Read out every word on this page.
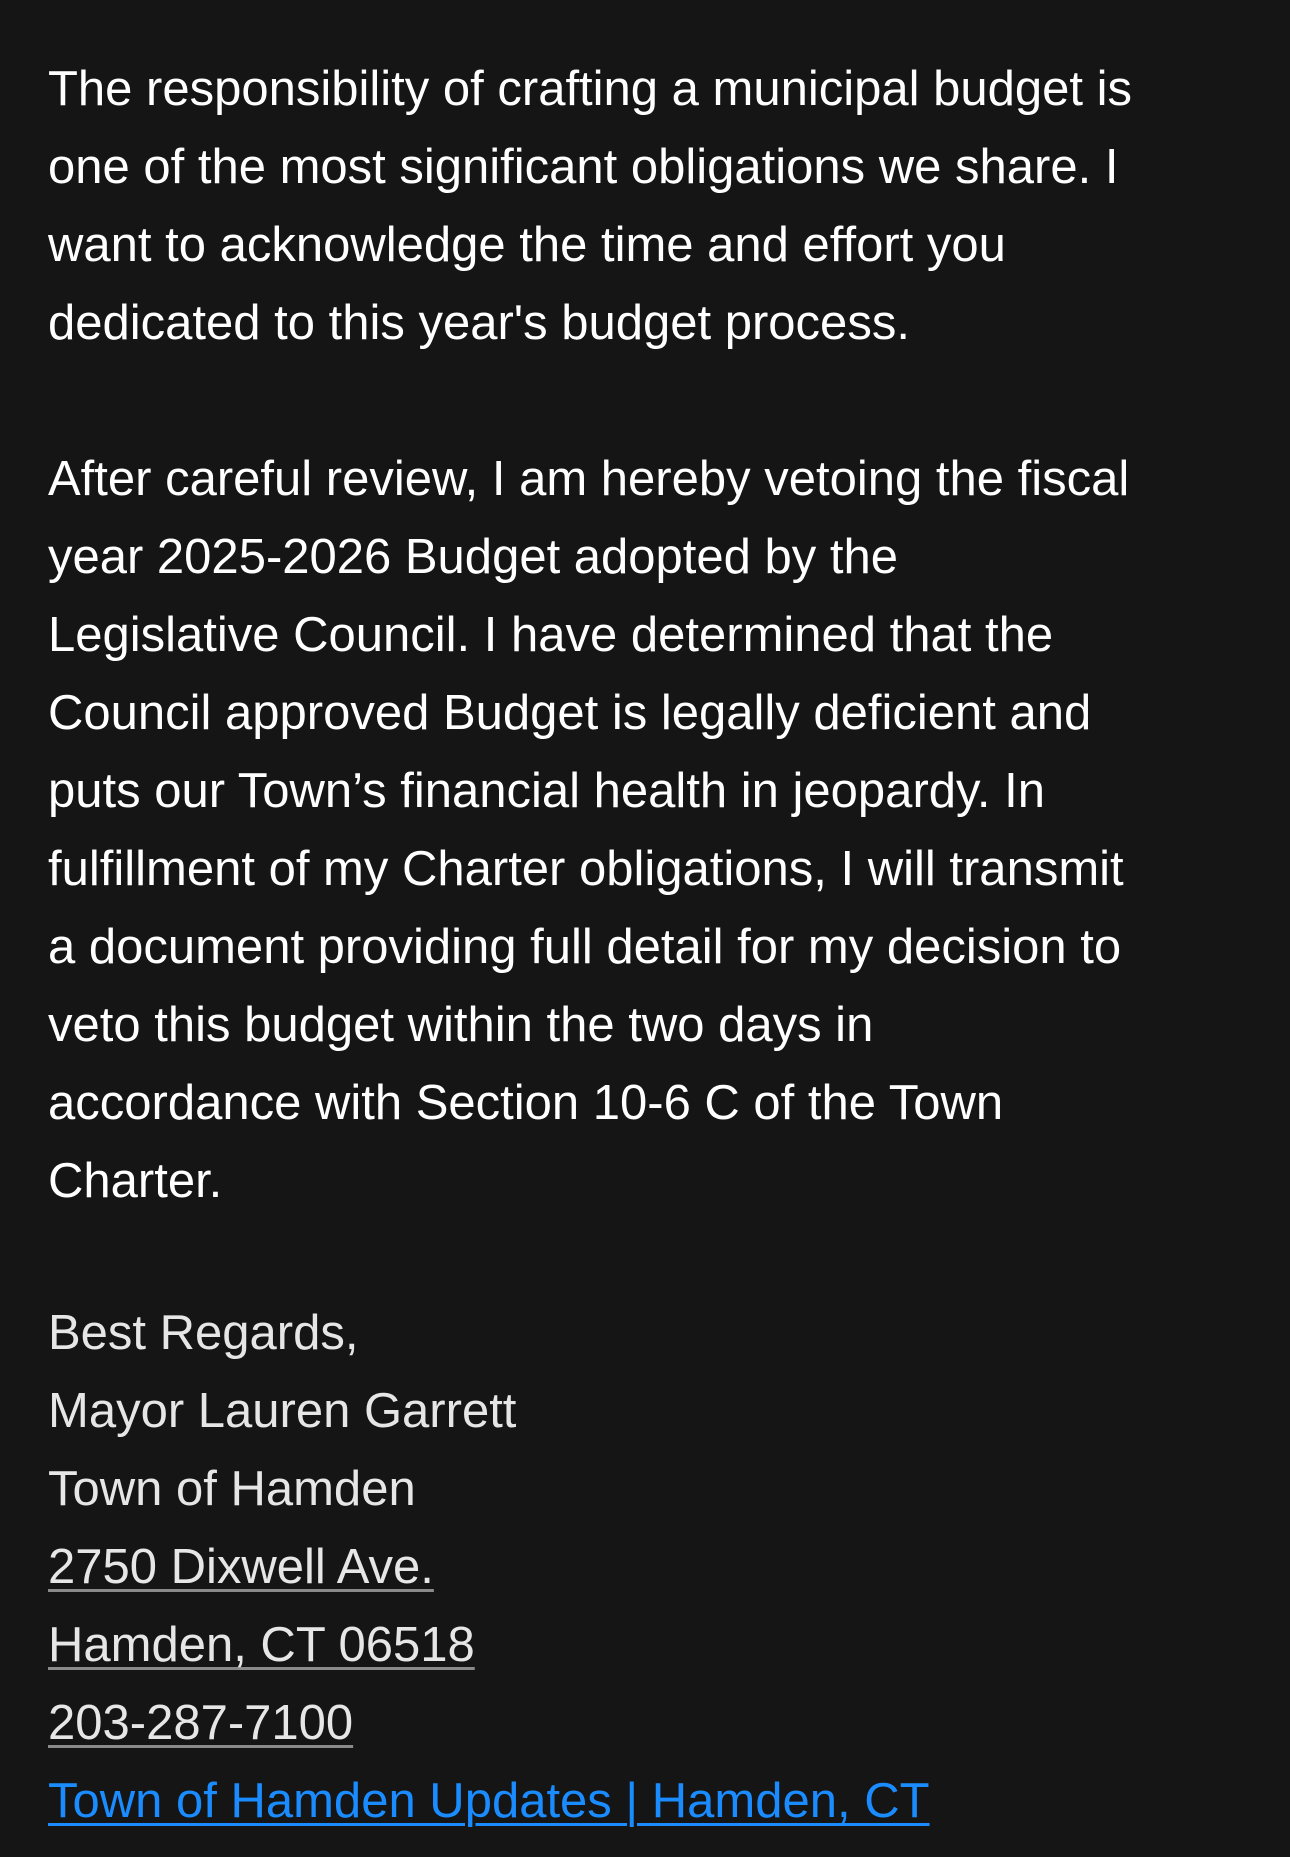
The responsibility of crafting a municipal budget is
one of the most significant obligations we share. I
want to acknowledge the time and effort you
dedicated to this year's budget process.

After careful review, I am hereby vetoing the fiscal
year 2025-2026 Budget adopted by the
Legislative Council. I have determined that the
Council approved Budget is legally deficient and
puts our Town’s financial health in jeopardy. In
fulfillment of my Charter obligations, I will transmit
a document providing full detail for my decision to
veto this budget within the two days in
accordance with Section 10-6 C of the Town
Charter.

Best Regards,
Mayor Lauren Garrett
Town of Hamden
2750 Dixwell Ave.
Hamden, CT 06518
203-287-7100
Town of Hamden Updates | Hamden, CT
